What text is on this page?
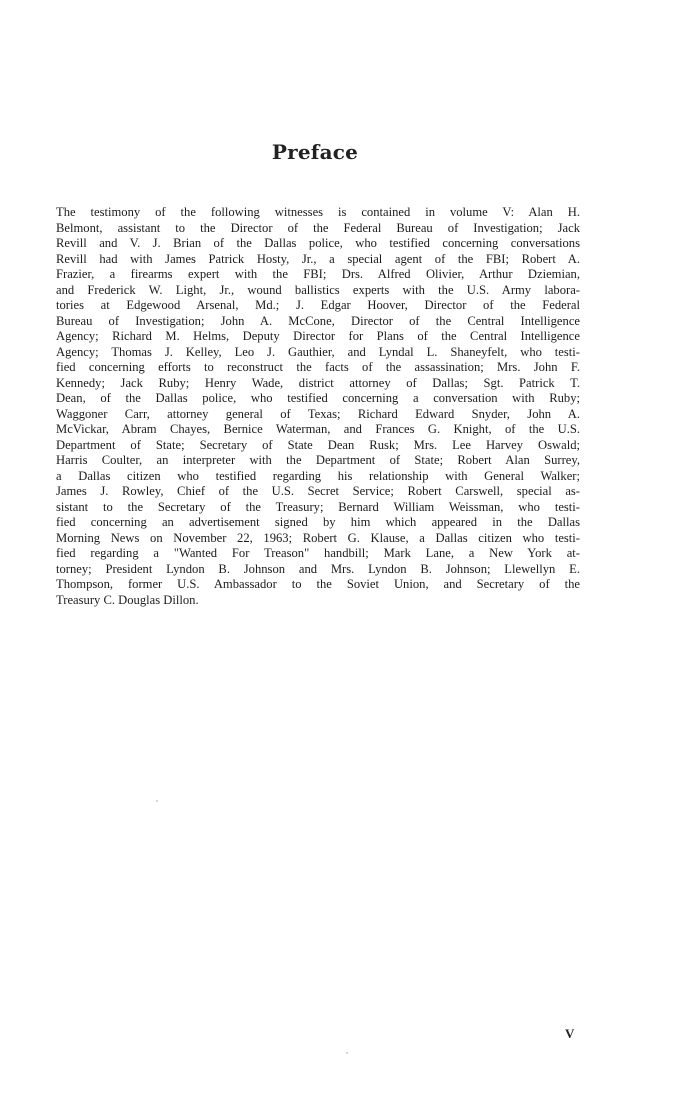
Preface
The testimony of the following witnesses is contained in volume V: Alan H.
Belmont, assistant to the Director of the Federal Bureau of Investigation; Jack
Revill and V. J. Brian of the Dallas police, who testified concerning conversations
Revill had with James Patrick Hosty, Jr., a special agent of the FBI; Robert A.
Frazier, a firearms expert with the FBI; Drs. Alfred Olivier, Arthur Dziemian,
and Frederick W. Light, Jr., wound ballistics experts with the U.S. Army labora-
tories at Edgewood Arsenal, Md.; J. Edgar Hoover, Director of the Federal
Bureau of Investigation; John A. McCone, Director of the Central Intelligence
Agency; Richard M. Helms, Deputy Director for Plans of the Central Intelligence
Agency; Thomas J. Kelley, Leo J. Gauthier, and Lyndal L. Shaneyfelt, who testi-
fied concerning efforts to reconstruct the facts of the assassination; Mrs. John F.
Kennedy; Jack Ruby; Henry Wade, district attorney of Dallas; Sgt. Patrick T.
Dean, of the Dallas police, who testified concerning a conversation with Ruby;
Waggoner Carr, attorney general of Texas; Richard Edward Snyder, John A.
McVickar, Abram Chayes, Bernice Waterman, and Frances G. Knight, of the U.S.
Department of State; Secretary of State Dean Rusk; Mrs. Lee Harvey Oswald;
Harris Coulter, an interpreter with the Department of State; Robert Alan Surrey,
a Dallas citizen who testified regarding his relationship with General Walker;
James J. Rowley, Chief of the U.S. Secret Service; Robert Carswell, special as-
sistant to the Secretary of the Treasury; Bernard William Weissman, who testi-
fied concerning an advertisement signed by him which appeared in the Dallas
Morning News on November 22, 1963; Robert G. Klause, a Dallas citizen who testi-
fied regarding a "Wanted For Treason" handbill; Mark Lane, a New York at-
torney; President Lyndon B. Johnson and Mrs. Lyndon B. Johnson; Llewellyn E.
Thompson, former U.S. Ambassador to the Soviet Union, and Secretary of the
Treasury C. Douglas Dillon.
V
